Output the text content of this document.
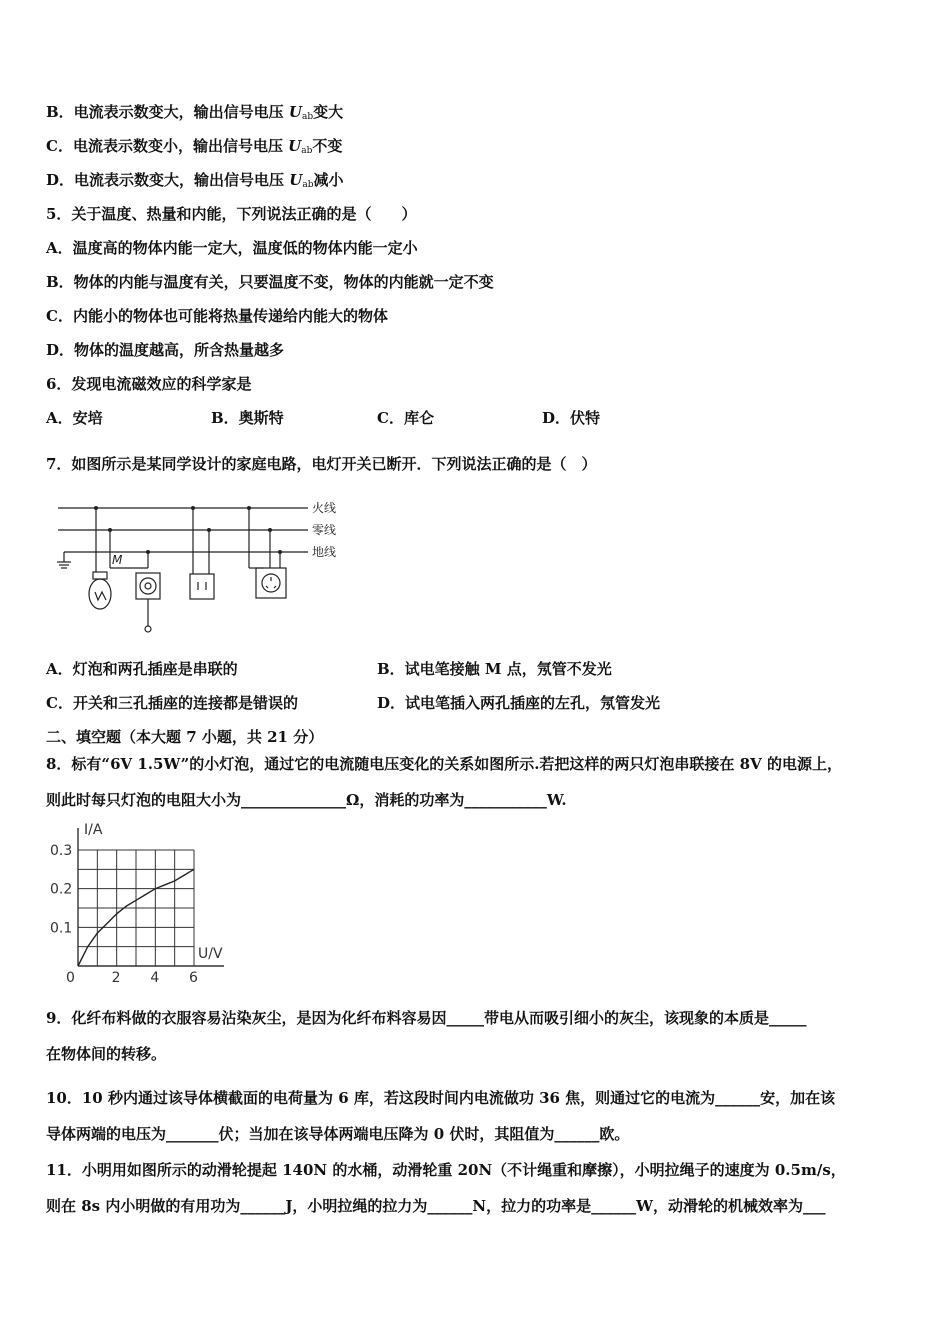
B．电流表示数变大，输出信号电压 $U_{ab}$变大
C．电流表示数变小，输出信号电压 $U_{ab}$不变
D．电流表示数变大，输出信号电压 $U_{ab}$减小
5．关于温度、热量和内能，下列说法正确的是（　　）
A．温度高的物体内能一定大，温度低的物体内能一定小
B．物体的内能与温度有关，只要温度不变，物体的内能就一定不变
C．内能小的物体也可能将热量传递给内能大的物体
D．物体的温度越高，所含热量越多
6．发现电流磁效应的科学家是
A．安培	B．奥斯特	C．库仑	D．伏特
7．如图所示是某同学设计的家庭电路，电灯开关已断开．下列说法正确的是（　）
火线
零线
地线
M
A．灯泡和两孔插座是串联的	B．试电笔接触 M 点，氖管不发光
C．开关和三孔插座的连接都是错误的	D．试电笔插入两孔插座的左孔，氖管发光
二、填空题（本大题 7 小题，共 21 分）
8．标有“6V 1.5W”的小灯泡，通过它的电流随电压变化的关系如图所示.若把这样的两只灯泡串联接在 8V 的电源上，
则此时每只灯泡的电阻大小为______________Ω，消耗的功率为___________W.
0	2 4 6
0.1
0.2
0.3
I/A
U/V
9．化纤布料做的衣服容易沾染灰尘，是因为化纤布料容易因_____带电从而吸引细小的灰尘，该现象的本质是_____
在物体间的转移。
10．10 秒内通过该导体横截面的电荷量为 6 库，若这段时间内电流做功 36 焦，则通过它的电流为______安，加在该
导体两端的电压为_______伏；当加在该导体两端电压降为 0 伏时，其阻值为______欧。
11．小明用如图所示的动滑轮提起 140N 的水桶，动滑轮重 20N（不计绳重和摩擦），小明拉绳子的速度为 0.5m/s，
则在 8s 内小明做的有用功为______J，小明拉绳的拉力为______N，拉力的功率是______W，动滑轮的机械效率为___
